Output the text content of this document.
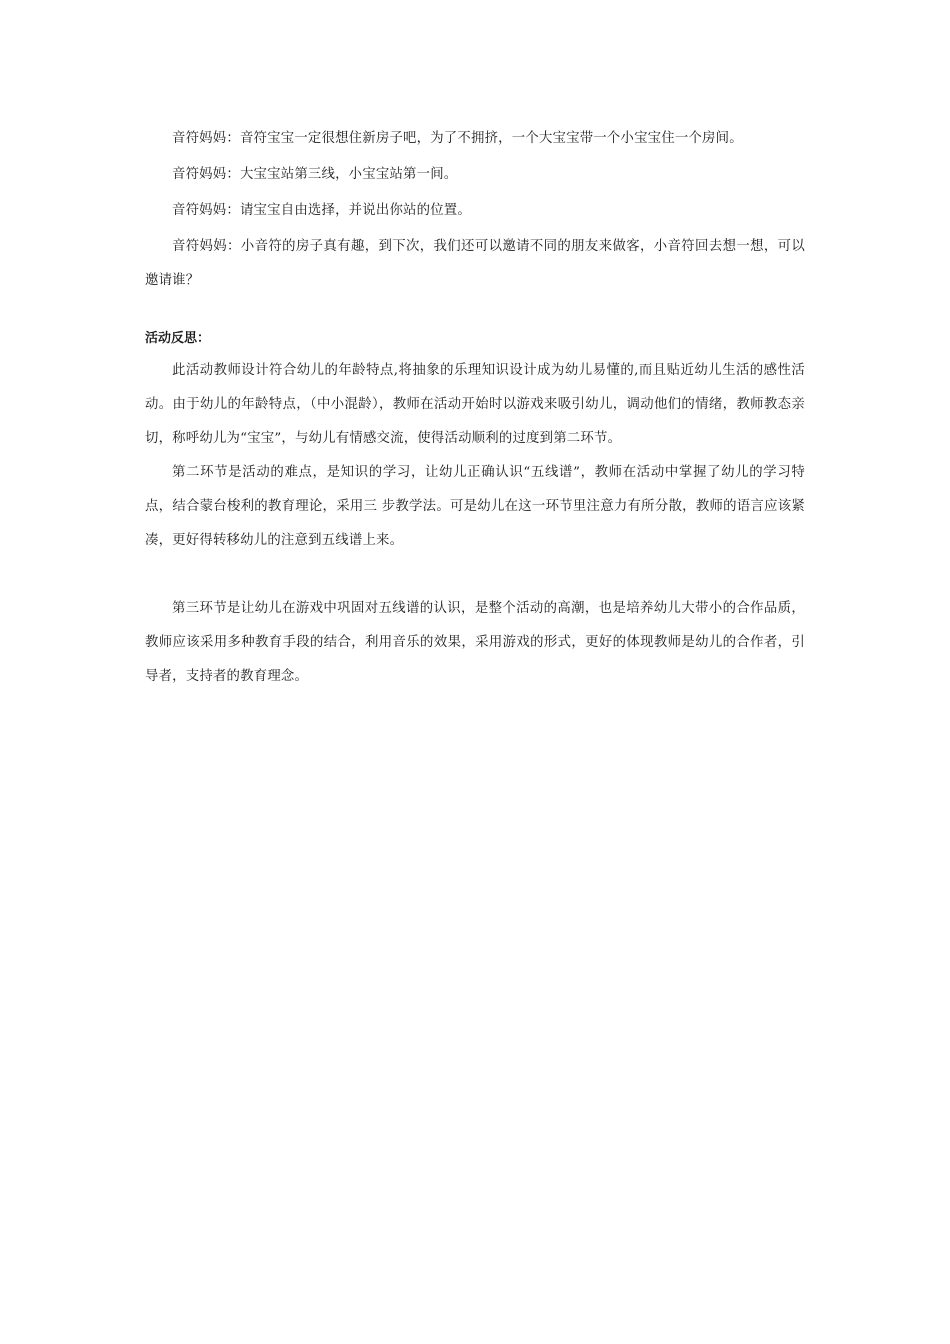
音符妈妈：音符宝宝一定很想住新房子吧，为了不拥挤，一个大宝宝带一个小宝宝住一个房间。

音符妈妈：大宝宝站第三线，小宝宝站第一间。

音符妈妈：请宝宝自由选择，并说出你站的位置。

音符妈妈：小音符的房子真有趣，到下次，我们还可以邀请不同的朋友来做客，小音符回去想一想，可以邀请谁？

活动反思：

此活动教师设计符合幼儿的年龄特点,将抽象的乐理知识设计成为幼儿易懂的,而且贴近幼儿生活的感性活动。由于幼儿的年龄特点，（中小混龄），教师在活动开始时以游戏来吸引幼儿，调动他们的情绪，教师教态亲切，称呼幼儿为“宝宝”，与幼儿有情感交流，使得活动顺利的过度到第二环节。

第二环节是活动的难点，是知识的学习，让幼儿正确认识“五线谱”，教师在活动中掌握了幼儿的学习特点，结合蒙台梭利的教育理论，采用三 步教学法。可是幼儿在这一环节里注意力有所分散，教师的语言应该紧凑，更好得转移幼儿的注意到五线谱上来。

第三环节是让幼儿在游戏中巩固对五线谱的认识，是整个活动的高潮，也是培养幼儿大带小的合作品质，教师应该采用多种教育手段的结合，利用音乐的效果，采用游戏的形式，更好的体现教师是幼儿的合作者，引导者，支持者的教育理念。
